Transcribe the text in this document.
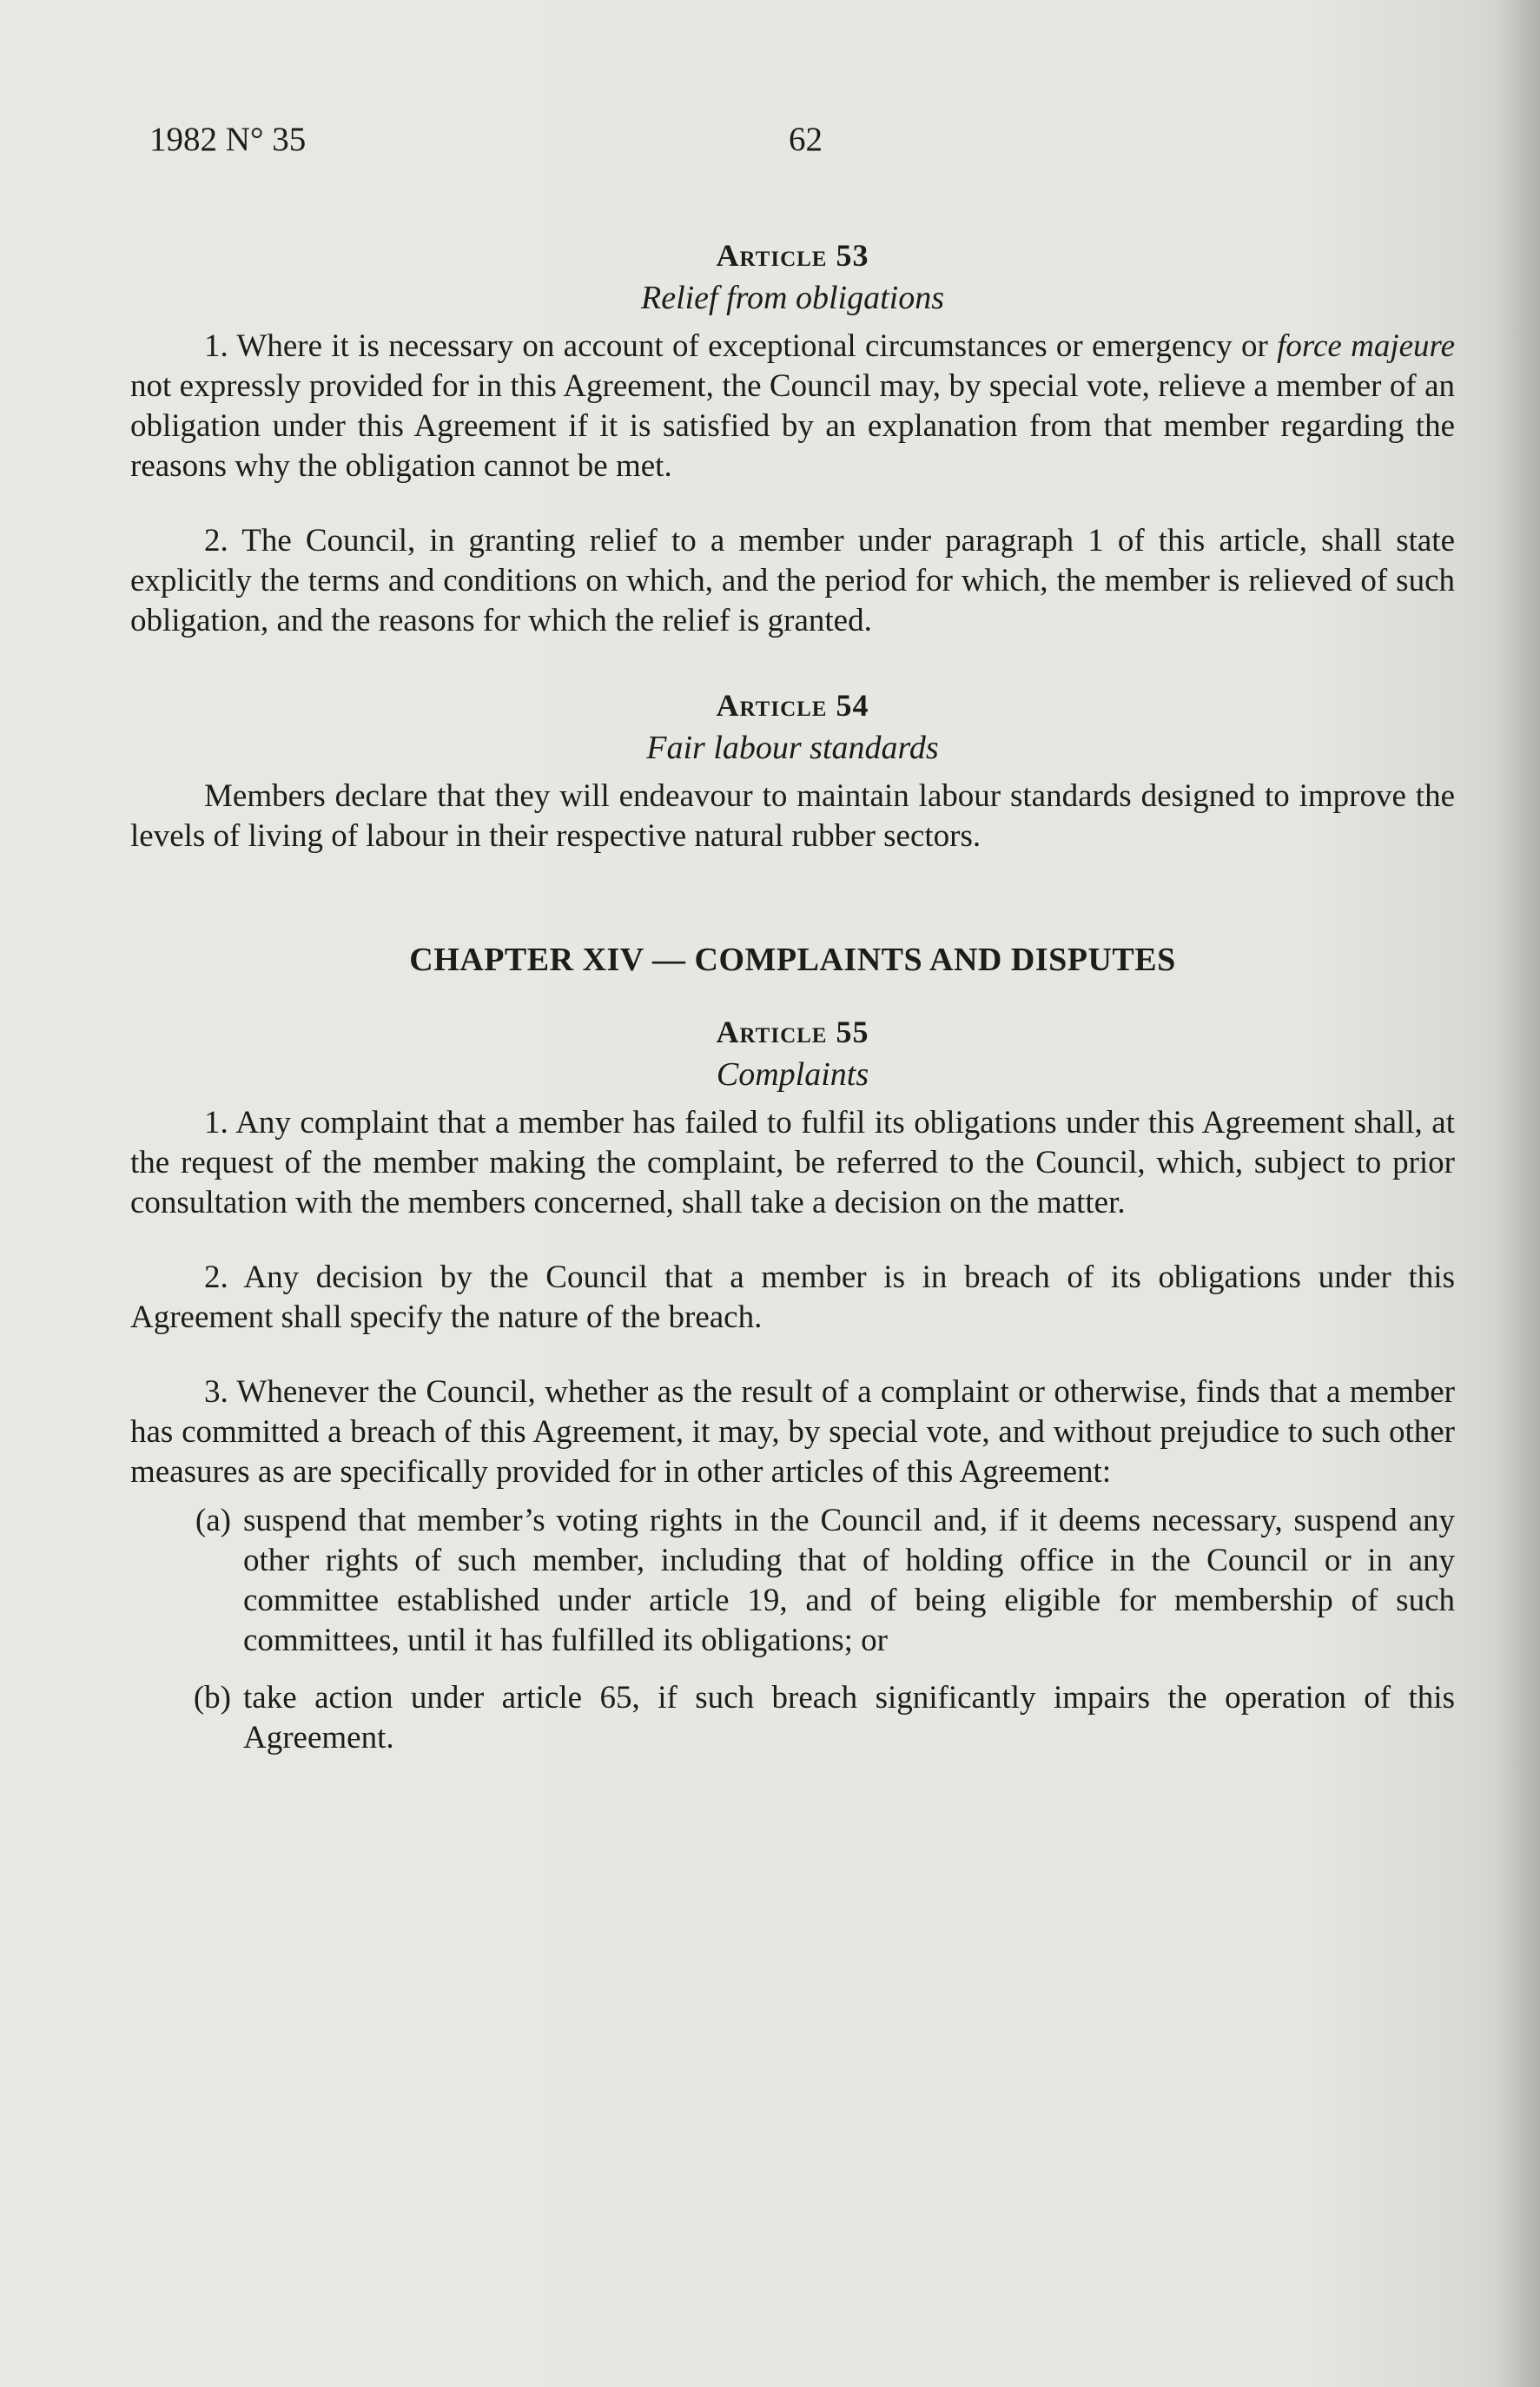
1982 N° 35	62
Article 53

Relief from obligations

1. Where it is necessary on account of exceptional circumstances or emergency or force majeure not expressly provided for in this Agreement, the Council may, by special vote, relieve a member of an obligation under this Agreement if it is satisfied by an explanation from that member regarding the reasons why the obligation cannot be met.

2. The Council, in granting relief to a member under paragraph 1 of this article, shall state explicitly the terms and conditions on which, and the period for which, the member is relieved of such obligation, and the reasons for which the relief is granted.

Article 54

Fair labour standards

Members declare that they will endeavour to maintain labour standards designed to improve the levels of living of labour in their respective natural rubber sectors.

CHAPTER XIV — COMPLAINTS AND DISPUTES
Article 55

Complaints

1. Any complaint that a member has failed to fulfil its obligations under this Agreement shall, at the request of the member making the complaint, be referred to the Council, which, subject to prior consultation with the members concerned, shall take a decision on the matter.

2. Any decision by the Council that a member is in breach of its obligations under this Agreement shall specify the nature of the breach.

3. Whenever the Council, whether as the result of a complaint or otherwise, finds that a member has committed a breach of this Agreement, it may, by special vote, and without prejudice to such other measures as are specifically provided for in other articles of this Agreement:

(a) suspend that member’s voting rights in the Council and, if it deems necessary, suspend any other rights of such member, including that of holding office in the Council or in any committee established under article 19, and of being eligible for membership of such committees, until it has fulfilled its obligations; or
(b) take action under article 65, if such breach significantly impairs the operation of this Agreement.
